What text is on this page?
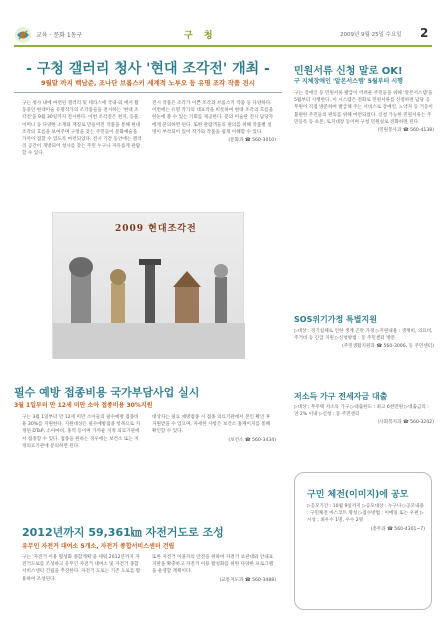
교육 · 문화 1동구	구 청	2009년 9월 25일 수요일 2
- 구청 갤러리 청사 '현대 조각전' 개최 -
9월말 까지 백남준, 조나단 브롭스키 세계적 노부오 등 유명 조각 작품 전시
구는 청사 내에 마련된 갤러리 및 테라스에 국내·외 에서 활동중인 현대미술 유명작가의 조각품들을 전시하는 '현대 조각전'을 9월 30일까지 전시한다. 이번 조각전은 천지, 동물, 어머니 등 다양한 소재와 재질로 만들어진 작품을 통해 현대 조각의 흐름을 보여주며 구청을 찾는 주민들이 문화예술을 가까이 접할 수 있도록 마련되었다. 전시 기간 동안에는 갤러리 공간이 개방되어 청사를 찾는 주민 누구나 자유롭게 관람할 수 있다.
전시 작품은 조각가 이쁜 조각과 브롭스키 작품 등 다양하다. 이번에는 유명 작가의 대표작을 비롯하여 현대 조각의 흐름을 한눈에 볼 수 있는 기회를 제공한다. 문의 미술관 전시 담당자에게 문의하면 된다. 또한 관람객들의 편의를 위해 작품별 설명이 부착되어 있어 작가와 작품을 쉽게 이해할 수 있다.
(문화과 ☎ 560-3010)
2009 현대조각전
필수 예방 접종비용 국가부담사업 실시
3월 1일부터 만 12세 미만 소아 접종비용 30%지원
구는 3월 1일부터 만 12세 미만 소아들의 필수예방 접종비용 30%를 지원한다. 지원대상은 필수예방접종 항목으로 지정된 DTaP, 소아마비, 홍역 등이며 가까운 지정 의료기관에서 접종할 수 있다. 접종을 원하는 경우에는 보건소 또는 지정의료기관에 문의하면 된다.
대상자는 필요 예방접종 시 접종 의료기관에서 본인 확인 후 지원받을 수 있으며, 자세한 사항은 보건소 홈페이지를 통해 확인할 수 있다.
(보건소 ☎ 560-3434)
2012년까지 59,361㎞ 자전거도로 조성
유무인 자전거 대여소 5개소, 자전거 종합서비스센터 건립
구는 '자전거 이용 활성화 종합계획'을 세워 2012년까지 자전거도로를 조성하고 유무인 자전거 대여소 및 자전거 종합서비스센터 건립을 추진한다. 자전거 도로는 기존 도로를 활용하여 조성된다.
또한 자전거 이용자의 안전을 위하여 자전거 보관대와 안내표지판을 확충하고 자전거 이용 활성화를 위한 다양한 프로그램을 운영할 계획이다.
(교통지도과 ☎ 560-3488)
민원서류 신청 말로 OK!
구 지체장애인 '알몬서스템' 5월부터 시행
구는 장애인 등 민원서류 발급이 어려운 주민들을 위해 '알몬서스템'을 5월부터 시행한다. 이 시스템은 전화로 민원서류를 신청하면 담당 공무원이 직접 방문하여 발급해 주는 서비스로 장애인, 노약자 등 거동이 불편한 주민들의 편의를 위해 마련되었다. 신청 가능한 민원서류는 주민등록 등·초본, 토지대장 등이며 구청 민원실로 전화하면 된다.
(민원봉사과 ☎ 560-4138)
SOS위기가정 특별지원
▷대상 : 경기침체로 인한 생계 곤란 가정 ▷지원내용 : 생계비, 의료비, 주거비 등 긴급 지원 ▷신청방법 : 동 주민센터 방문
(주민생활지원과 ☎ 560-3006, 동 주민센터)
저소득 가구 전세자금 대출
▷대상 : 무주택 저소득 가구 ▷대출한도 : 최고 6천만원 ▷대출금리 : 연 2% 이내 ▷신청 : 동 주민센터
(사회복지과 ☎ 560-3202)
구민 체전(이미지)에 공모
▷공모기간 : 10월 9일까지 ▷공모대상 : 누구나 ▷공모내용 : 구민체전 마스코트 명칭 ▷접수방법 : 이메일 또는 우편 ▷시상 : 최우수 1명, 우수 2명
(총무과 ☎ 560-4301~7)
